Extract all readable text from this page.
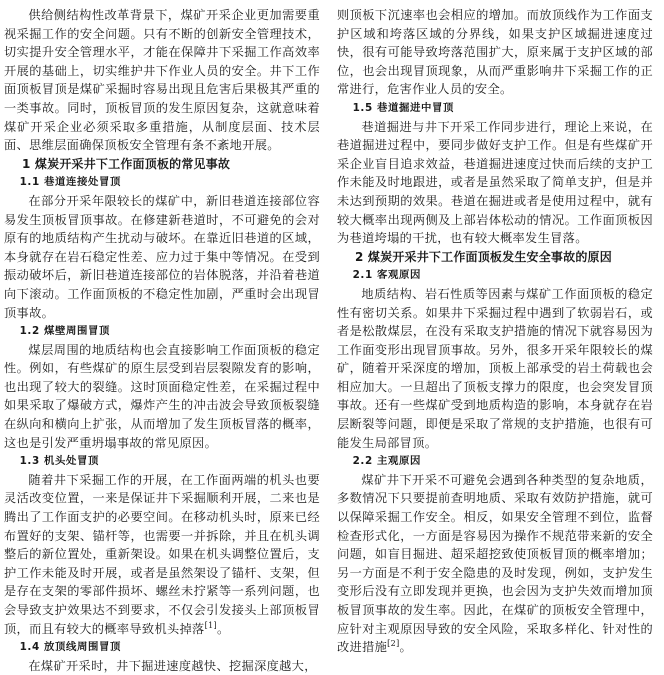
供给侧结构性改革背景下，煤矿开采企业更加需要重视采掘工作的安全问题。只有不断的创新安全管理技术，切实提升安全管理水平，才能在保障井下采掘工作高效率开展的基础上，切实维护井下作业人员的安全。井下工作面顶板冒顶是煤矿采掘时容易出现且危害后果极其严重的一类事故。同时，顶板冒顶的发生原因复杂，这就意味着煤矿开采企业必须采取多重措施，从制度层面、技术层面、思维层面确保顶板安全管理有条不紊地开展。

1 煤炭开采井下工作面顶板的常见事故
1.1 巷道连接处冒顶

在部分开采年限较长的煤矿中，新旧巷道连接部位容易发生顶板冒顶事故。在修建新巷道时，不可避免的会对原有的地质结构产生扰动与破坏。在靠近旧巷道的区域，本身就存在岩石稳定性差、应力过于集中等情况。在受到振动破坏后，新旧巷道连接部位的岩体脱落，并沿着巷道向下滚动。工作面顶板的不稳定性加剧，严重时会出现冒顶事故。

1.2 煤壁周围冒顶

煤层周围的地质结构也会直接影响工作面顶板的稳定性。例如，有些煤矿的原生层受到岩层裂隙发育的影响，也出现了较大的裂缝。这时顶面稳定性差，在采掘过程中如果采取了爆破方式，爆炸产生的冲击波会导致顶板裂缝在纵向和横向上扩张，从而增加了发生顶板冒落的概率，这也是引发严重坍塌事故的常见原因。

1.3 机头处冒顶

随着井下采掘工作的开展，在工作面两端的机头也要灵活改变位置，一来是保证井下采掘顺利开展，二来也是腾出了工作面支护的必要空间。在移动机头时，原来已经布置好的支架、锚杆等，也需要一并拆除，并且在机头调整后的新位置处，重新架设。如果在机头调整位置后，支护工作未能及时开展，或者是虽然架设了锚杆、支架，但是存在支架的零部件损坏、螺丝未拧紧等一系列问题，也会导致支护效果达不到要求，不仅会引发接头上部顶板冒顶，而且有较大的概率导致机头掉落[1]。

1.4 放顶线周围冒顶

在煤矿开采时，井下掘进速度越快、挖掘深度越大，

则顶板下沉速率也会相应的增加。而放顶线作为工作面支护区域和垮落区域的分界线，如果支护区域掘进速度过快，很有可能导致垮落范围扩大，原来属于支护区域的部位，也会出现冒顶现象，从而严重影响井下采掘工作的正常进行，危害作业人员的安全。

1.5 巷道掘进中冒顶

巷道掘进与井下开采工作同步进行，理论上来说，在巷道掘进过程中，要同步做好支护工作。但是有些煤矿开采企业盲目追求效益，巷道掘进速度过快而后续的支护工作未能及时地跟进，或者是虽然采取了简单支护，但是并未达到预期的效果。巷道在掘进或者是使用过程中，就有较大概率出现两侧及上部岩体松动的情况。工作面顶板因为巷道垮塌的干扰，也有较大概率发生冒落。

2 煤炭开采井下工作面顶板发生安全事故的原因
2.1 客观原因

地质结构、岩石性质等因素与煤矿工作面顶板的稳定性有密切关系。如果井下采掘过程中遇到了软弱岩石，或者是松散煤层，在没有采取支护措施的情况下就容易因为工作面变形出现冒顶事故。另外，很多开采年限较长的煤矿，随着开采深度的增加，顶板上部承受的岩土荷载也会相应加大。一旦超出了顶板支撑力的限度，也会突发冒顶事故。还有一些煤矿受到地质构造的影响，本身就存在岩层断裂等问题，即便是采取了常规的支护措施，也很有可能发生局部冒顶。

2.2 主观原因

煤矿井下开采不可避免会遇到各种类型的复杂地质，多数情况下只要提前查明地质、采取有效防护措施，就可以保障采掘工作安全。相反，如果安全管理不到位，监督检查形式化，一方面是容易因为操作不规范带来新的安全问题，如盲目掘进、超采超挖致使顶板冒顶的概率增加；另一方面是不利于安全隐患的及时发现，例如，支护发生变形后没有立即发现并更换，也会因为支护失效而增加顶板冒顶事故的发生率。因此，在煤矿的顶板安全管理中，应针对主观原因导致的安全风险，采取多样化、针对性的改进措施[2]。
